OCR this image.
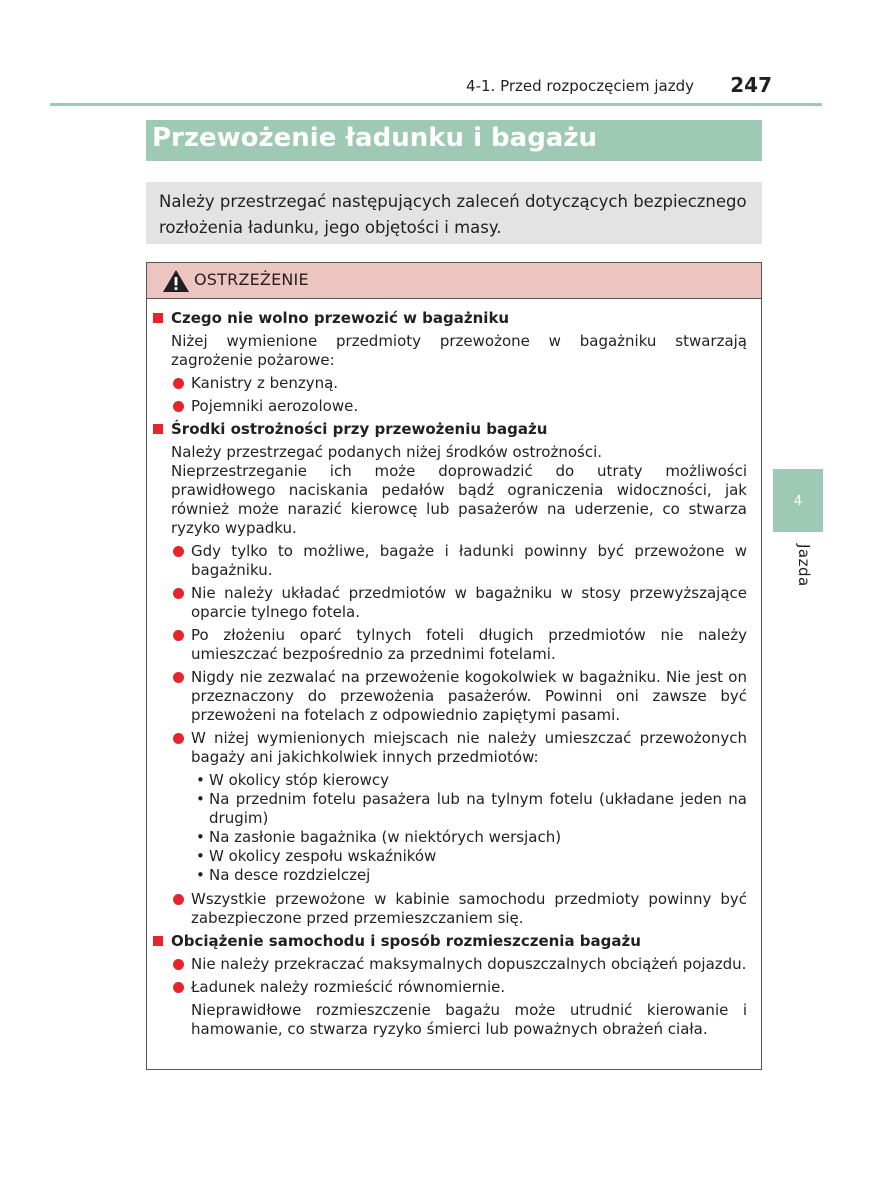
4-1. Przed rozpoczęciem jazdy 247
Przewożenie ładunku i bagażu
Należy przestrzegać następujących zaleceń dotyczących bezpiecznego rozłożenia ładunku, jego objętości i masy.
OSTRZEŻENIE
Czego nie wolno przewozić w bagażniku
Niżej wymienione przedmioty przewożone w bagażniku stwarzają zagrożenie pożarowe:
Kanistry z benzyną.
Pojemniki aerozolowe.
Środki ostrożności przy przewożeniu bagażu
Należy przestrzegać podanych niżej środków ostrożności.
Nieprzestrzeganie ich może doprowadzić do utraty możliwości prawidłowego naciskania pedałów bądź ograniczenia widoczności, jak również może narazić kierowcę lub pasażerów na uderzenie, co stwarza ryzyko wypadku.
Gdy tylko to możliwe, bagaże i ładunki powinny być przewożone w bagażniku.
Nie należy układać przedmiotów w bagażniku w stosy przewyższające oparcie tylnego fotela.
Po złożeniu oparć tylnych foteli długich przedmiotów nie należy umieszczać bezpośrednio za przednimi fotelami.
Nigdy nie zezwalać na przewożenie kogokolwiek w bagażniku. Nie jest on przeznaczony do przewożenia pasażerów. Powinni oni zawsze być przewożeni na fotelach z odpowiednio zapiętymi pasami.
W niżej wymienionych miejscach nie należy umieszczać przewożonych bagaży ani jakichkolwiek innych przedmiotów:
• W okolicy stóp kierowcy
• Na przednim fotelu pasażera lub na tylnym fotelu (układane jeden na drugim)
• Na zasłonie bagażnika (w niektórych wersjach)
• W okolicy zespołu wskaźników
• Na desce rozdzielczej
Wszystkie przewożone w kabinie samochodu przedmioty powinny być zabezpieczone przed przemieszczaniem się.
Obciążenie samochodu i sposób rozmieszczenia bagażu
Nie należy przekraczać maksymalnych dopuszczalnych obciążeń pojazdu.
Ładunek należy rozmieścić równomiernie.
Nieprawidłowe rozmieszczenie bagażu może utrudnić kierowanie i hamowanie, co stwarza ryzyko śmierci lub poważnych obrażeń ciała.
4
Jazda
